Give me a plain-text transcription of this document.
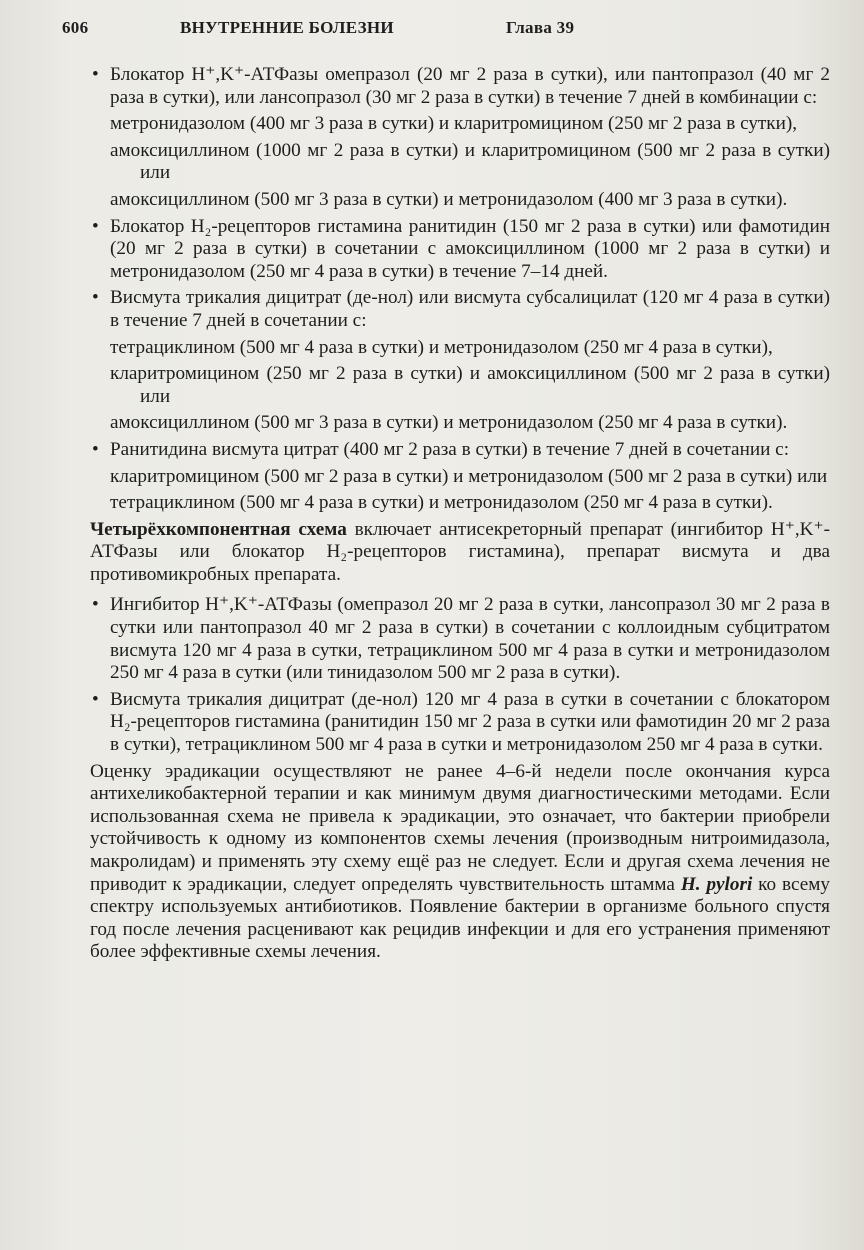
606	ВНУТРЕННИЕ БОЛЕЗНИ	Глава 39
• Блокатор H⁺,K⁺-АТФазы омепразол (20 мг 2 раза в сутки), или пантопразол (40 мг 2 раза в сутки), или лансопразол (30 мг 2 раза в сутки) в течение 7 дней в комбинации с:
метронидазолом (400 мг 3 раза в сутки) и кларитромицином (250 мг 2 раза в сутки),
амоксициллином (1000 мг 2 раза в сутки) и кларитромицином (500 мг 2 раза в сутки) или
амоксициллином (500 мг 3 раза в сутки) и метронидазолом (400 мг 3 раза в сутки).
• Блокатор H₂-рецепторов гистамина ранитидин (150 мг 2 раза в сутки) или фамотидин (20 мг 2 раза в сутки) в сочетании с амоксициллином (1000 мг 2 раза в сутки) и метронидазолом (250 мг 4 раза в сутки) в течение 7–14 дней.
• Висмута трикалия дицитрат (де-нол) или висмута субсалицилат (120 мг 4 раза в сутки) в течение 7 дней в сочетании с:
тетрациклином (500 мг 4 раза в сутки) и метронидазолом (250 мг 4 раза в сутки),
кларитромицином (250 мг 2 раза в сутки) и амоксициллином (500 мг 2 раза в сутки) или
амоксициллином (500 мг 3 раза в сутки) и метронидазолом (250 мг 4 раза в сутки).
• Ранитидина висмута цитрат (400 мг 2 раза в сутки) в течение 7 дней в сочетании с:
кларитромицином (500 мг 2 раза в сутки) и метронидазолом (500 мг 2 раза в сутки) или
тетрациклином (500 мг 4 раза в сутки) и метронидазолом (250 мг 4 раза в сутки).

Четырёхкомпонентная схема включает антисекреторный препарат (ингибитор H⁺,K⁺-АТФазы или блокатор H₂-рецепторов гистамина), препарат висмута и два противомикробных препарата.

• Ингибитор H⁺,K⁺-АТФазы (омепразол 20 мг 2 раза в сутки, лансопразол 30 мг 2 раза в сутки или пантопразол 40 мг 2 раза в сутки) в сочетании с коллоидным субцитратом висмута 120 мг 4 раза в сутки, тетрациклином 500 мг 4 раза в сутки и метронидазолом 250 мг 4 раза в сутки (или тинидазолом 500 мг 2 раза в сутки).
• Висмута трикалия дицитрат (де-нол) 120 мг 4 раза в сутки в сочетании с блокатором H₂-рецепторов гистамина (ранитидин 150 мг 2 раза в сутки или фамотидин 20 мг 2 раза в сутки), тетрациклином 500 мг 4 раза в сутки и метронидазолом 250 мг 4 раза в сутки.

Оценку эрадикации осуществляют не ранее 4–6-й недели после окончания курса антихеликобактерной терапии и как минимум двумя диагностическими методами. Если использованная схема не привела к эрадикации, это означает, что бактерии приобрели устойчивость к одному из компонентов схемы лечения (производным нитроимидазола, макролидам) и применять эту схему ещё раз не следует. Если и другая схема лечения не приводит к эрадикации, следует определять чувствительность штамма H. pylori ко всему спектру используемых антибиотиков. Появление бактерии в организме больного спустя год после лечения расценивают как рецидив инфекции и для его устранения применяют более эффективные схемы лечения.
